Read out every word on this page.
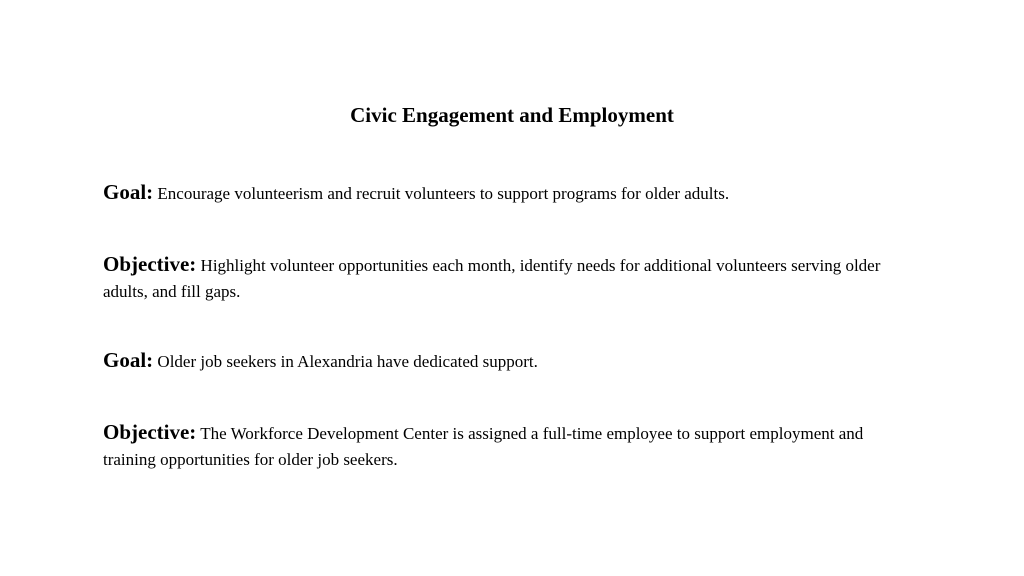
Civic Engagement and Employment
Goal: Encourage volunteerism and recruit volunteers to support programs for older adults.
Objective: Highlight volunteer opportunities each month, identify needs for additional volunteers serving older adults, and fill gaps.
Goal: Older job seekers in Alexandria have dedicated support.
Objective: The Workforce Development Center is assigned a full-time employee to support employment and training opportunities for older job seekers.
